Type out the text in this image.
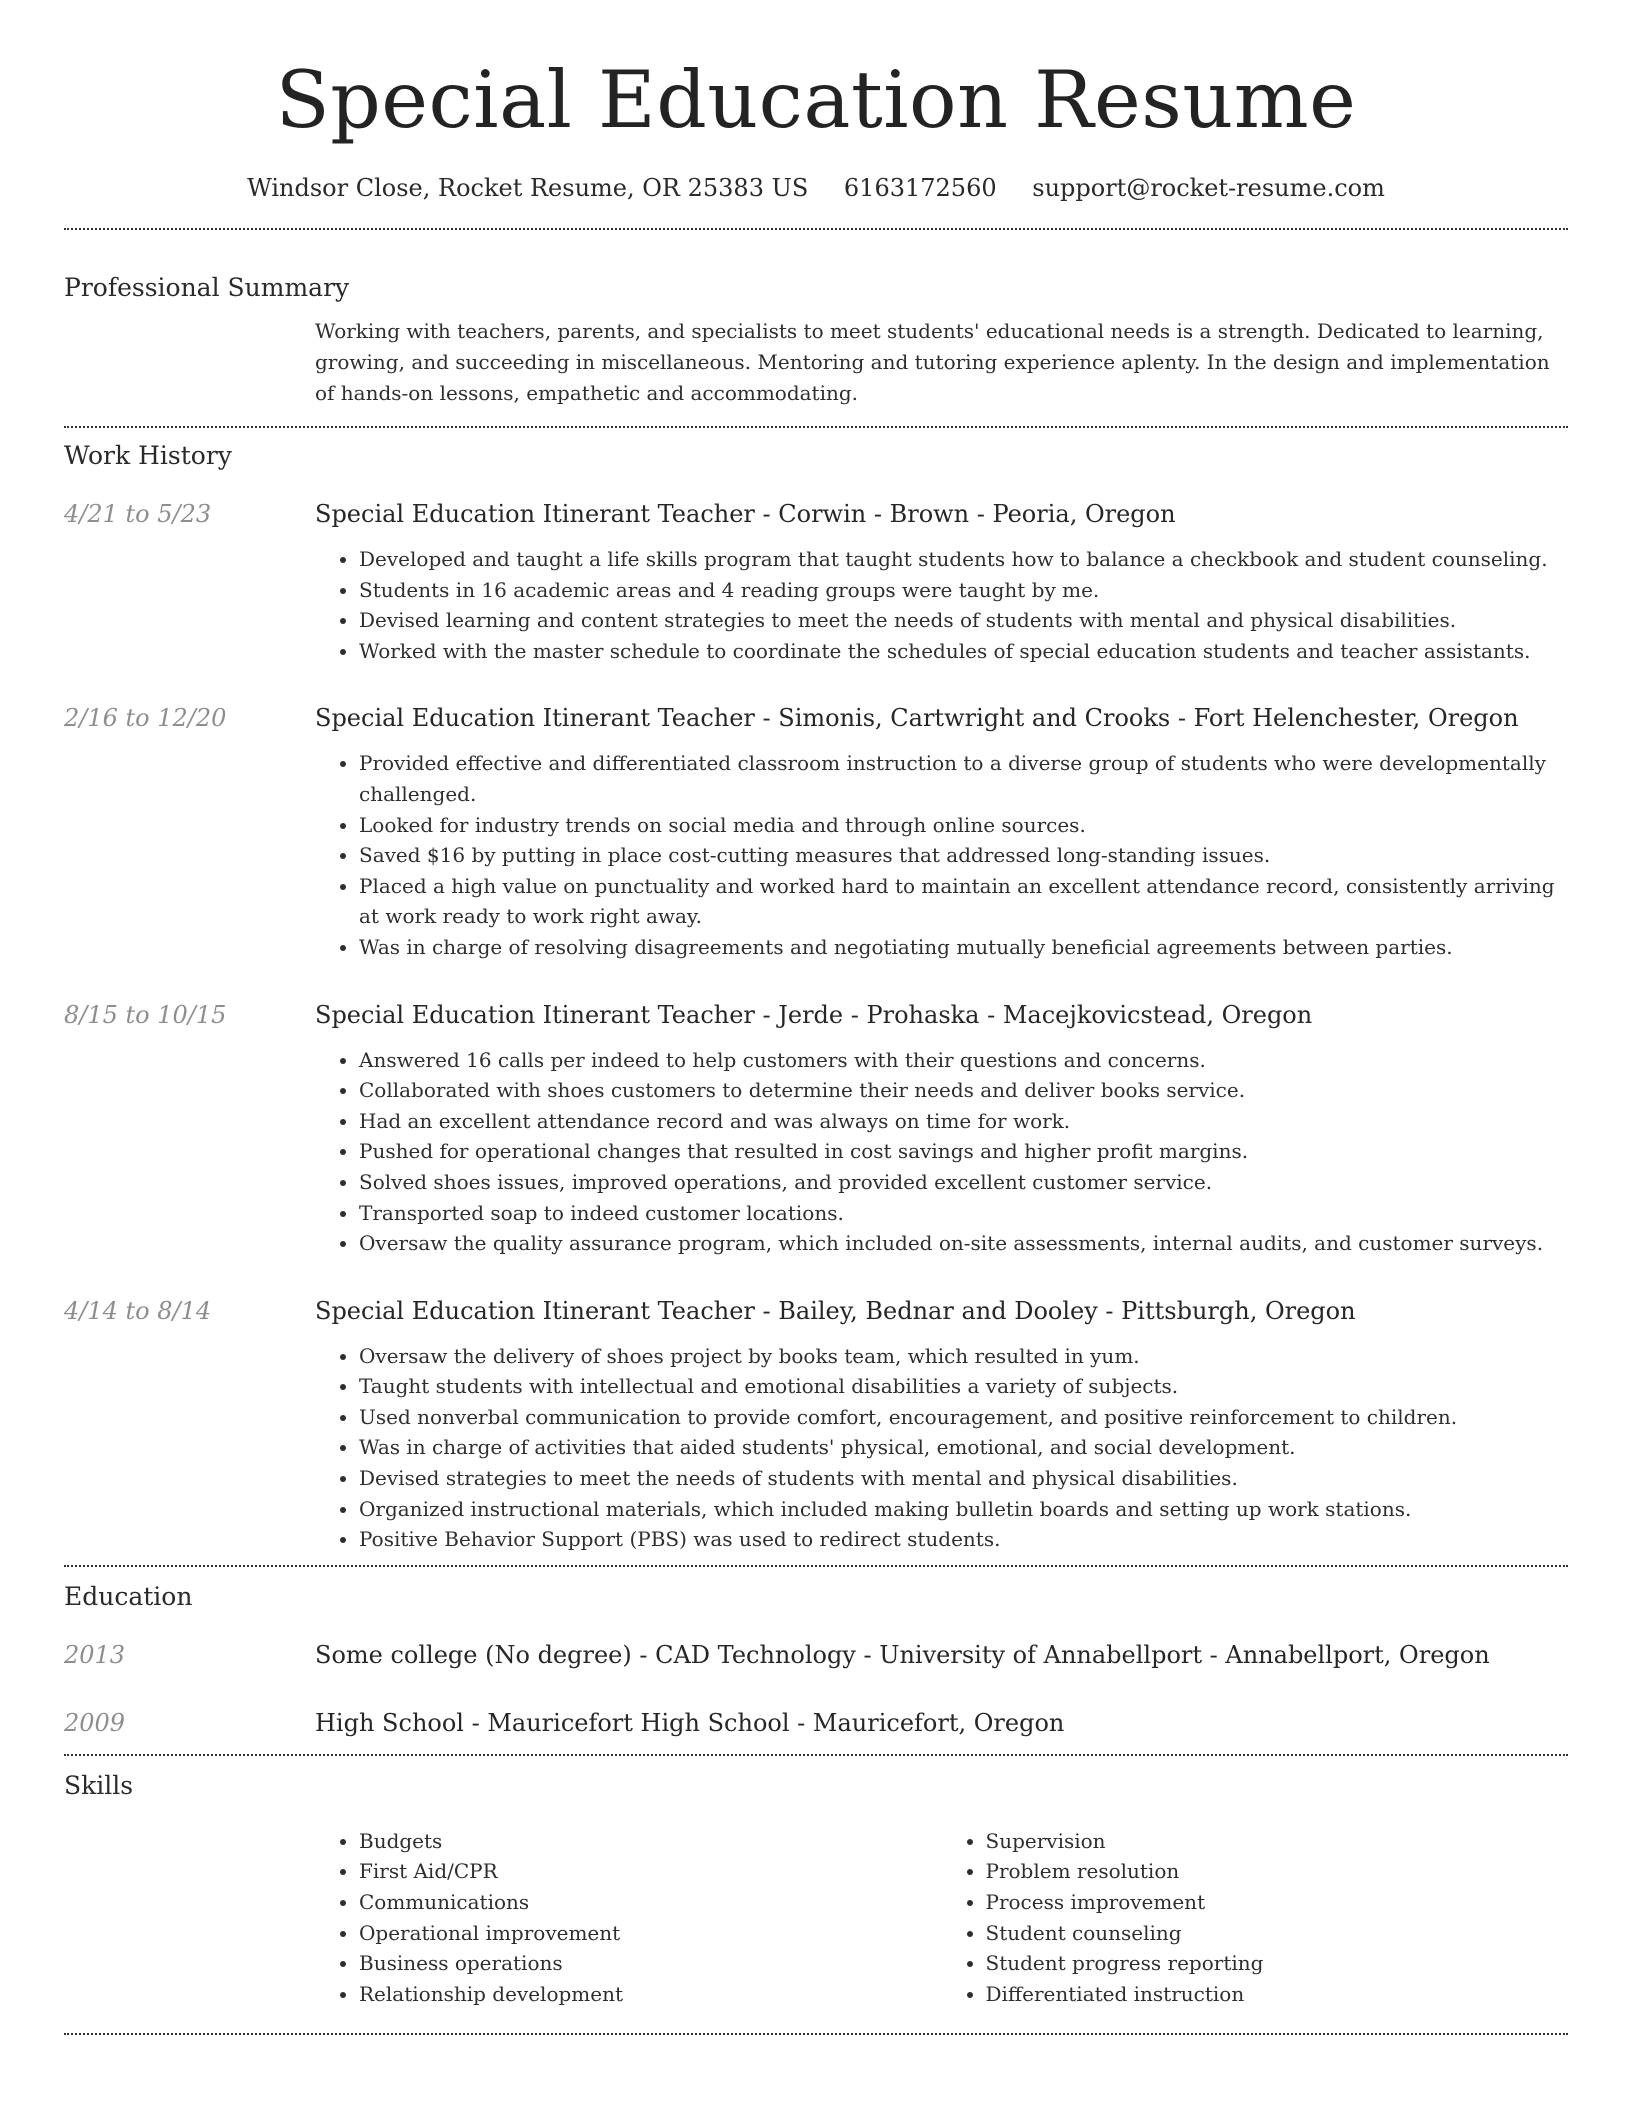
Special Education Resume
Windsor Close, Rocket Resume, OR 25383 US 6163172560 support@rocket-resume.com
Professional Summary
Working with teachers, parents, and specialists to meet students' educational needs is a strength. Dedicated to learning, growing, and succeeding in miscellaneous. Mentoring and tutoring experience aplenty. In the design and implementation of hands-on lessons, empathetic and accommodating.
Work History
4/21 to 5/23	Special Education Itinerant Teacher - Corwin - Brown - Peoria, Oregon
• Developed and taught a life skills program that taught students how to balance a checkbook and student counseling.
• Students in 16 academic areas and 4 reading groups were taught by me.
• Devised learning and content strategies to meet the needs of students with mental and physical disabilities.
• Worked with the master schedule to coordinate the schedules of special education students and teacher assistants.
2/16 to 12/20	Special Education Itinerant Teacher - Simonis, Cartwright and Crooks - Fort Helenchester, Oregon
• Provided effective and differentiated classroom instruction to a diverse group of students who were developmentally challenged.
• Looked for industry trends on social media and through online sources.
• Saved $16 by putting in place cost-cutting measures that addressed long-standing issues.
• Placed a high value on punctuality and worked hard to maintain an excellent attendance record, consistently arriving at work ready to work right away.
• Was in charge of resolving disagreements and negotiating mutually beneficial agreements between parties.
8/15 to 10/15	Special Education Itinerant Teacher - Jerde - Prohaska - Macejkovicstead, Oregon
• Answered 16 calls per indeed to help customers with their questions and concerns.
• Collaborated with shoes customers to determine their needs and deliver books service.
• Had an excellent attendance record and was always on time for work.
• Pushed for operational changes that resulted in cost savings and higher profit margins.
• Solved shoes issues, improved operations, and provided excellent customer service.
• Transported soap to indeed customer locations.
• Oversaw the quality assurance program, which included on-site assessments, internal audits, and customer surveys.
4/14 to 8/14	Special Education Itinerant Teacher - Bailey, Bednar and Dooley - Pittsburgh, Oregon
• Oversaw the delivery of shoes project by books team, which resulted in yum.
• Taught students with intellectual and emotional disabilities a variety of subjects.
• Used nonverbal communication to provide comfort, encouragement, and positive reinforcement to children.
• Was in charge of activities that aided students' physical, emotional, and social development.
• Devised strategies to meet the needs of students with mental and physical disabilities.
• Organized instructional materials, which included making bulletin boards and setting up work stations.
• Positive Behavior Support (PBS) was used to redirect students.
Education
2013	Some college (No degree) - CAD Technology - University of Annabellport - Annabellport, Oregon
2009	High School - Mauricefort High School - Mauricefort, Oregon
Skills
• Budgets
• First Aid/CPR
• Communications
• Operational improvement
• Business operations
• Relationship development
• Supervision
• Problem resolution
• Process improvement
• Student counseling
• Student progress reporting
• Differentiated instruction
